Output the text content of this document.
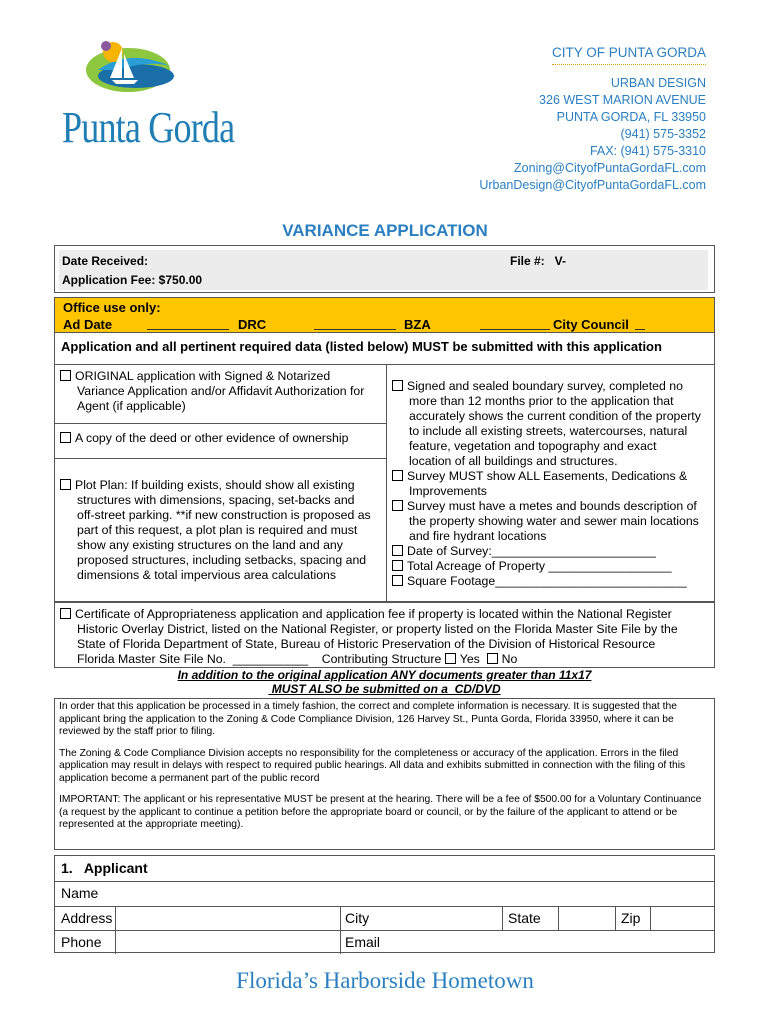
Punta Gorda
CITY OF PUNTA GORDA
URBAN DESIGN
326 WEST MARION AVENUE
PUNTA GORDA, FL 33950
(941) 575-3352
FAX: (941) 575-3310
Zoning@CityofPuntaGordaFL.com
UrbanDesign@CityofPuntaGordaFL.com
VARIANCE APPLICATION
Date Received:	File #:   V-
Application Fee: $750.00
Office use only:
Ad Date	DRC	BZA	City Council
Application and all pertinent required data (listed below) MUST be submitted with this application
ORIGINAL application with Signed & Notarized
Variance Application and/or Affidavit Authorization for
Agent (if applicable)
A copy of the deed or other evidence of ownership
Plot Plan: If building exists, should show all existing
structures with dimensions, spacing, set-backs and
off-street parking. **if new construction is proposed as
part of this request, a plot plan is required and must
show any existing structures on the land and any
proposed structures, including setbacks, spacing and
dimensions & total impervious area calculations
Signed and sealed boundary survey, completed no
more than 12 months prior to the application that
accurately shows the current condition of the property
to include all existing streets, watercourses, natural
feature, vegetation and topography and exact
location of all buildings and structures.
Survey MUST show ALL Easements, Dedications &
Improvements
Survey must have a metes and bounds description of
the property showing water and sewer main locations
and fire hydrant locations
Date of Survey:________________________
Total Acreage of Property __________________
Square Footage____________________________
Certificate of Appropriateness application and application fee if property is located within the National Register
Historic Overlay District, listed on the National Register, or property listed on the Florida Master Site File by the
State of Florida Department of State, Bureau of Historic Preservation of the Division of Historical Resource
Florida Master Site File No.  ___________    Contributing Structure Yes No
In addition to the original application ANY documents greater than 11x17
MUST ALSO be submitted on a  CD/DVD

In order that this application be processed in a timely fashion, the correct and complete information is necessary. It is suggested that the applicant bring the application to the Zoning & Code Compliance Division, 126 Harvey St., Punta Gorda, Florida 33950, where it can be reviewed by the staff prior to filing.

The Zoning & Code Compliance Division accepts no responsibility for the completeness or accuracy of the application. Errors in the filed application may result in delays with respect to required public hearings. All data and exhibits submitted in connection with the filing of this application become a permanent part of the public record

IMPORTANT: The applicant or his representative MUST be present at the hearing. There will be a fee of $500.00 for a Voluntary Continuance (a request by the applicant to continue a petition before the appropriate board or council, or by the failure of the applicant to attend or be represented at the appropriate meeting).

1.   Applicant
Name
Address	City	State	Zip
Phone	Email
Florida’s Harborside Hometown
